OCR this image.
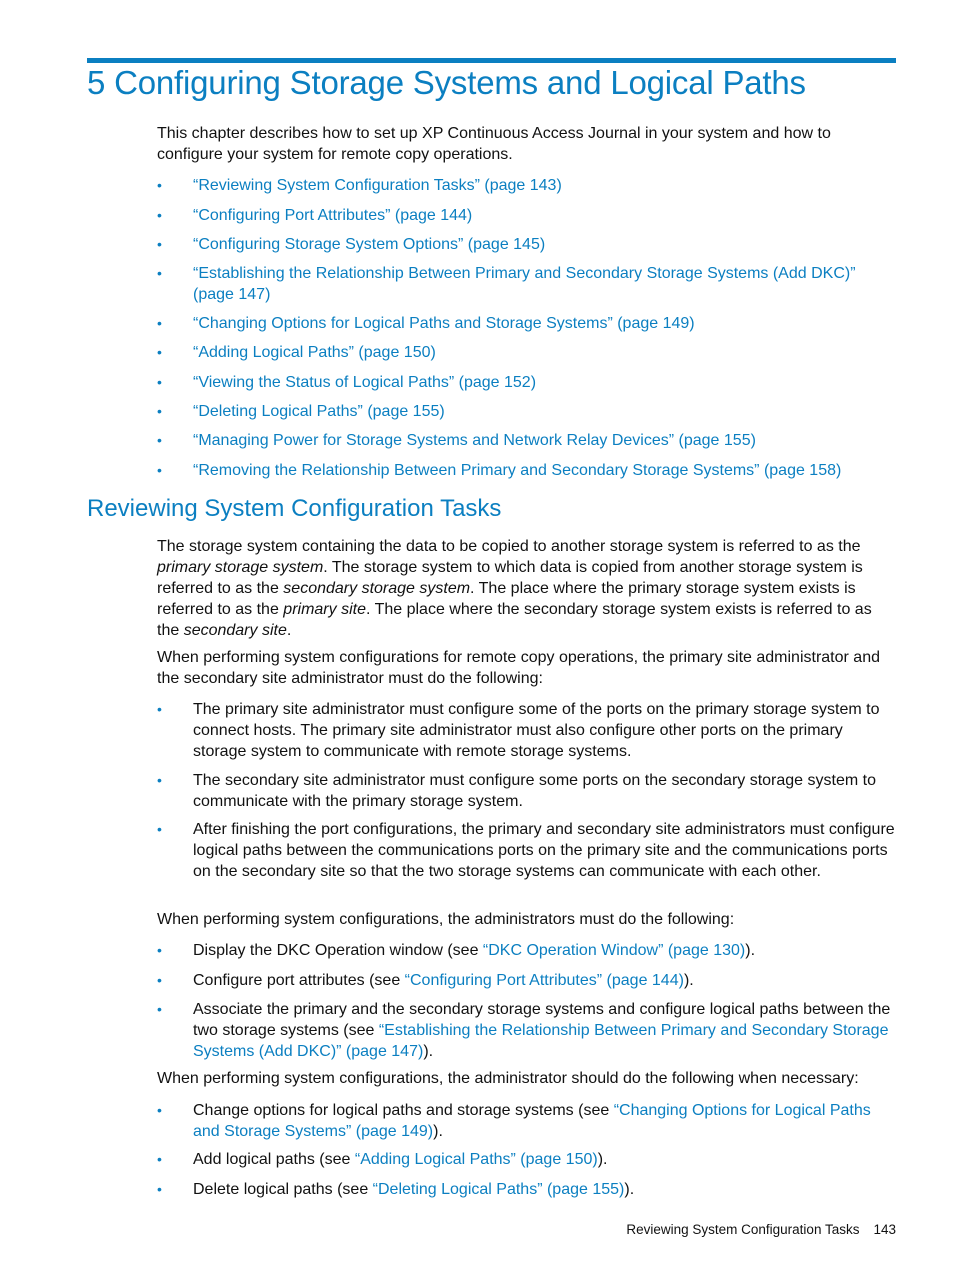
5 Configuring Storage Systems and Logical Paths

This chapter describes how to set up XP Continuous Access Journal in your system and how to configure your system for remote copy operations.

•	“Reviewing System Configuration Tasks” (page 143)
•	“Configuring Port Attributes” (page 144)
•	“Configuring Storage System Options” (page 145)
•	“Establishing the Relationship Between Primary and Secondary Storage Systems (Add DKC)” (page 147)
•	“Changing Options for Logical Paths and Storage Systems” (page 149)
•	“Adding Logical Paths” (page 150)
•	“Viewing the Status of Logical Paths” (page 152)
•	“Deleting Logical Paths” (page 155)
•	“Managing Power for Storage Systems and Network Relay Devices” (page 155)
•	“Removing the Relationship Between Primary and Secondary Storage Systems” (page 158)
Reviewing System Configuration Tasks

The storage system containing the data to be copied to another storage system is referred to as the primary storage system. The storage system to which data is copied from another storage system is referred to as the secondary storage system. The place where the primary storage system exists is referred to as the primary site. The place where the secondary storage system exists is referred to as the secondary site.

When performing system configurations for remote copy operations, the primary site administrator and the secondary site administrator must do the following:

•	The primary site administrator must configure some of the ports on the primary storage system to connect hosts. The primary site administrator must also configure other ports on the primary storage system to communicate with remote storage systems.
•	The secondary site administrator must configure some ports on the secondary storage system to communicate with the primary storage system.
•	After finishing the port configurations, the primary and secondary site administrators must configure logical paths between the communications ports on the primary site and the communications ports on the secondary site so that the two storage systems can communicate with each other.

When performing system configurations, the administrators must do the following:

•	Display the DKC Operation window (see “DKC Operation Window” (page 130)).
•	Configure port attributes (see “Configuring Port Attributes” (page 144)).
•	Associate the primary and the secondary storage systems and configure logical paths between the two storage systems (see “Establishing the Relationship Between Primary and Secondary Storage Systems (Add DKC)” (page 147)).

When performing system configurations, the administrator should do the following when necessary:

•	Change options for logical paths and storage systems (see “Changing Options for Logical Paths and Storage Systems” (page 149)).
•	Add logical paths (see “Adding Logical Paths” (page 150)).
•	Delete logical paths (see “Deleting Logical Paths” (page 155)).
Reviewing System Configuration Tasks 143
